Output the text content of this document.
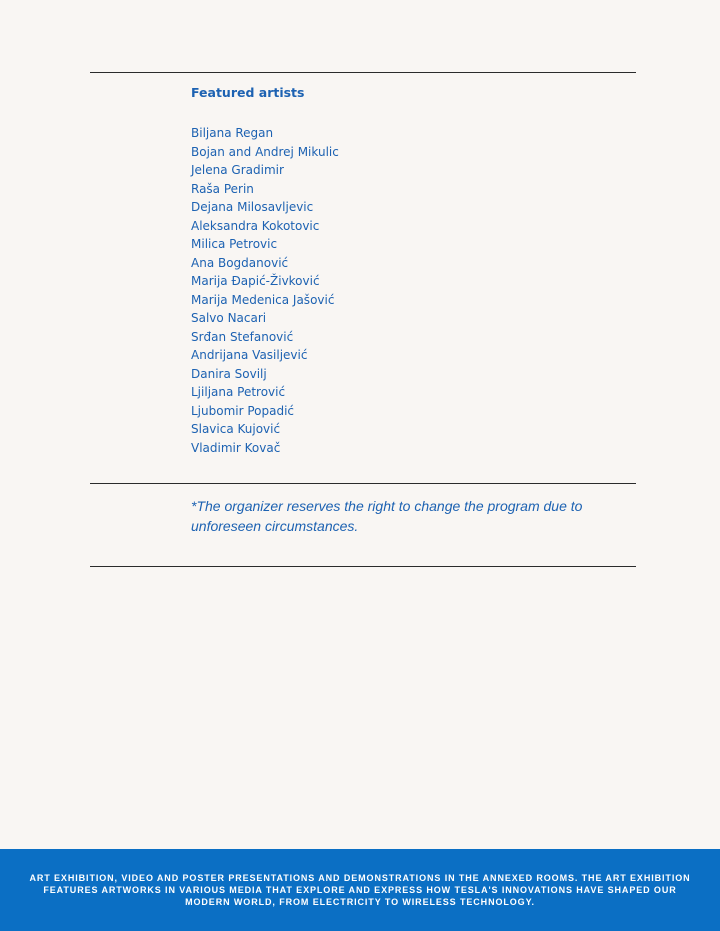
Featured artists
Biljana Regan
Bojan and Andrej Mikulic
Jelena Gradimir
Raša Perin
Dejana Milosavljevic
Aleksandra Kokotovic
Milica Petrovic
Ana Bogdanović
Marija Đapić-Živković
Marija Medenica Jašović
Salvo Nacari
Srđan Stefanović
Andrijana Vasiljević
Danira Sovilj
Ljiljana Petrović
Ljubomir Popadić
Slavica Kujović
Vladimir Kovač

*The organizer reserves the right to change the program due to unforeseen circumstances.

ART EXHIBITION, VIDEO AND POSTER PRESENTATIONS AND DEMONSTRATIONS IN THE ANNEXED ROOMS. THE ART EXHIBITION FEATURES ARTWORKS IN VARIOUS MEDIA THAT EXPLORE AND EXPRESS HOW TESLA'S INNOVATIONS HAVE SHAPED OUR MODERN WORLD, FROM ELECTRICITY TO WIRELESS TECHNOLOGY.
